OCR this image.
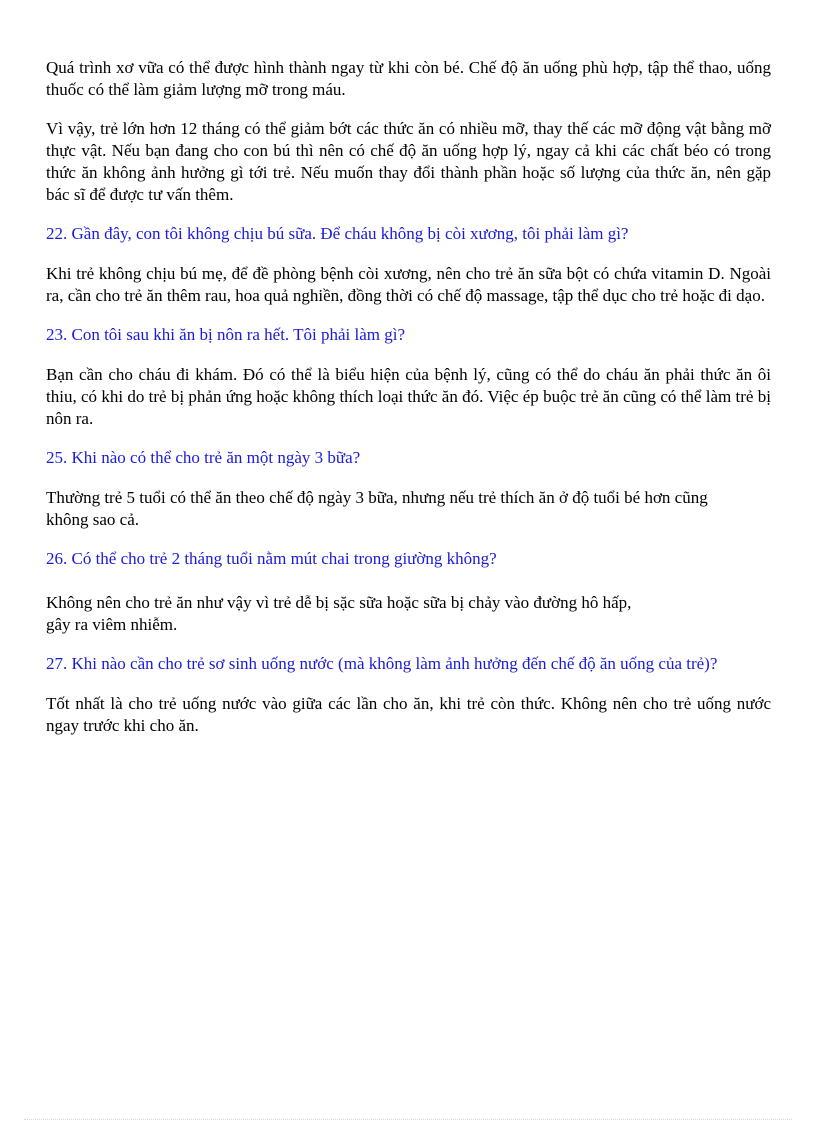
Quá trình xơ vữa có thể được hình thành ngay từ khi còn bé. Chế độ ăn uống phù hợp, tập thể thao, uống thuốc có thể làm giảm lượng mỡ trong máu.

Vì vậy, trẻ lớn hơn 12 tháng có thể giảm bớt các thức ăn có nhiều mỡ, thay thế các mỡ động vật bằng mỡ thực vật. Nếu bạn đang cho con bú thì nên có chế độ ăn uống hợp lý, ngay cả khi các chất béo có trong thức ăn không ảnh hưởng gì tới trẻ. Nếu muốn thay đổi thành phần hoặc số lượng của thức ăn, nên gặp bác sĩ để được tư vấn thêm.

22. Gần đây, con tôi không chịu bú sữa. Để cháu không bị còi xương, tôi phải làm gì?

Khi trẻ không chịu bú mẹ, để đề phòng bệnh còi xương, nên cho trẻ ăn sữa bột có chứa vitamin D. Ngoài ra, cần cho trẻ ăn thêm rau, hoa quả nghiền, đồng thời có chế độ massage, tập thể dục cho trẻ hoặc đi dạo.

23. Con tôi sau khi ăn bị nôn ra hết. Tôi phải làm gì?

Bạn cần cho cháu đi khám. Đó có thể là biểu hiện của bệnh lý, cũng có thể do cháu ăn phải thức ăn ôi thiu, có khi do trẻ bị phản ứng hoặc không thích loại thức ăn đó. Việc ép buộc trẻ ăn cũng có thể làm trẻ bị nôn ra.

25. Khi nào có thể cho trẻ ăn một ngày 3 bữa?

Thường trẻ 5 tuổi có thể ăn theo chế độ ngày 3 bữa, nhưng nếu trẻ thích ăn ở độ tuổi bé hơn cũng không sao cả.

26. Có thể cho trẻ 2 tháng tuổi nằm mút chai trong giường không?

Không nên cho trẻ ăn như vậy vì trẻ dễ bị sặc sữa hoặc sữa bị chảy vào đường hô hấp, gây ra viêm nhiễm.

27. Khi nào cần cho trẻ sơ sinh uống nước (mà không làm ảnh hưởng đến chế độ ăn uống của trẻ)?

Tốt nhất là cho trẻ uống nước vào giữa các lần cho ăn, khi trẻ còn thức. Không nên cho trẻ uống nước ngay trước khi cho ăn.
